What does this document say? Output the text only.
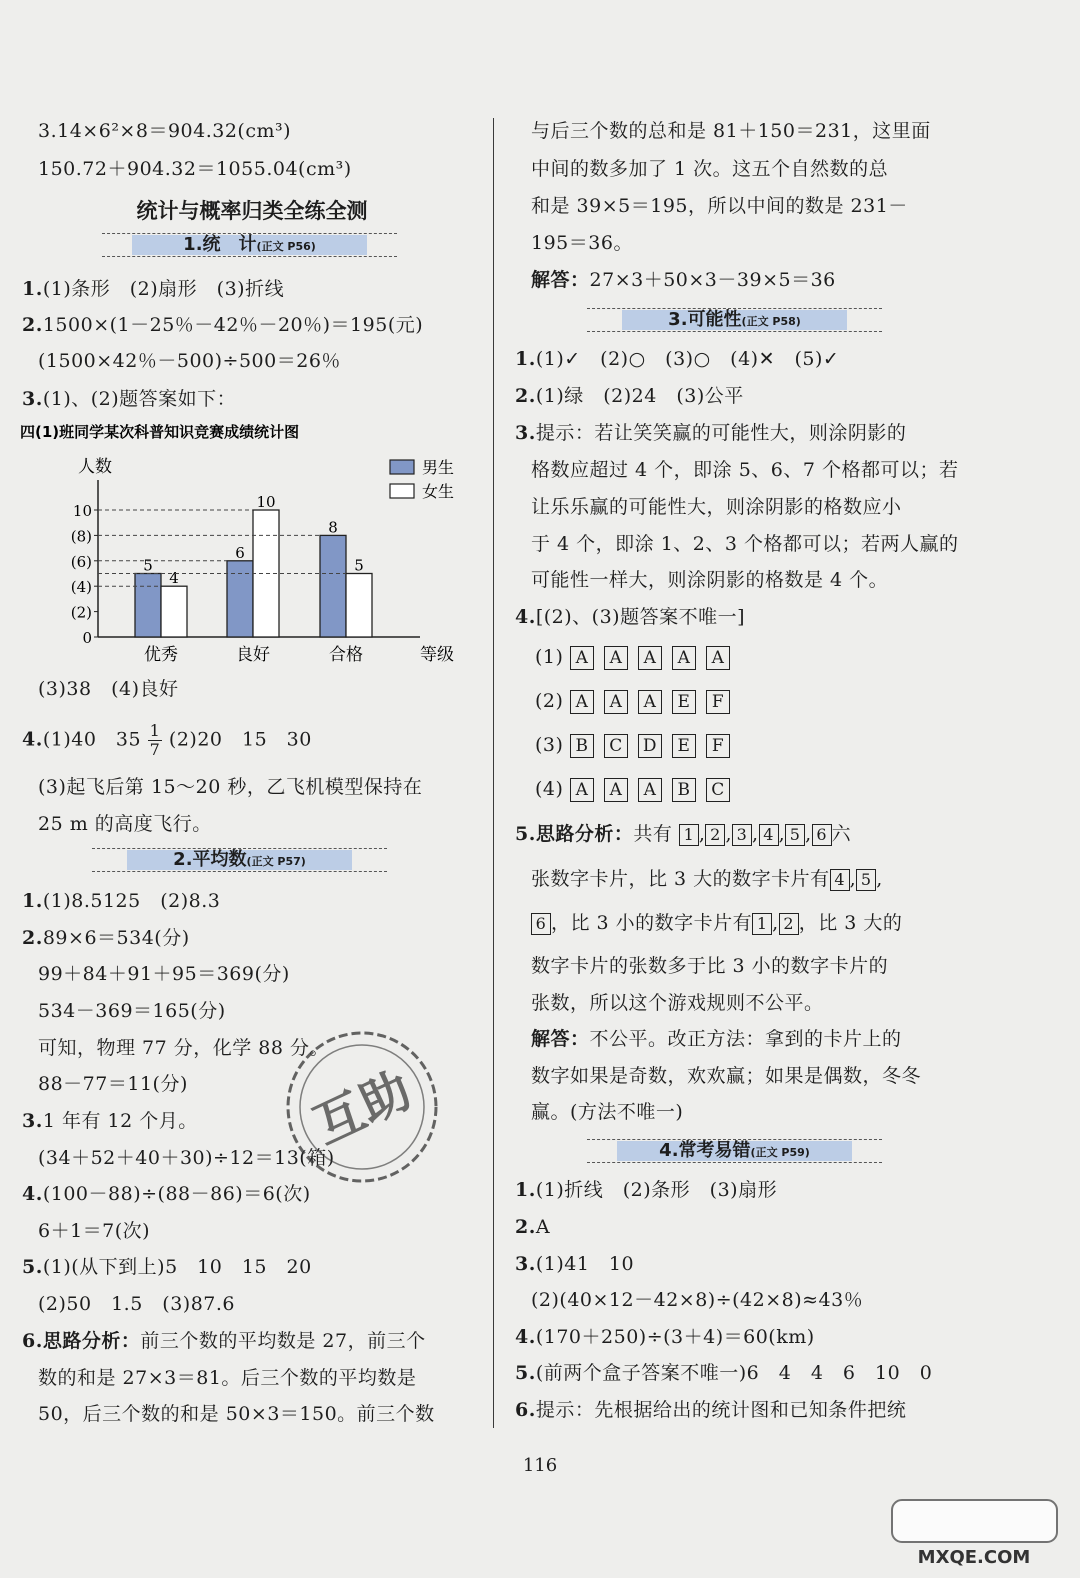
3.14×6²×8＝904.32(cm³)
150.72＋904.32＝1055.04(cm³)
统计与概率归类全练全测
1.统　计(正文 P56)
1.(1)条形　(2)扇形　(3)折线
2.1500×(1－25％－42％－20％)＝195(元)
(1500×42％－500)÷500＝26％
3.(1)、(2)题答案如下：
四(1)班同学某次科普知识竞赛成绩统计图
人数
等级
0
(2)
(4)
(6)
(8)
10
优秀
5
4
良好
6
10
合格
8
5
男生
女生
(3)38　(4)良好
4.(1)40　$35 \frac{1}{7} (2)20$　15　30
(3)起飞后第 15～20 秒，乙飞机模型保持在
25 m 的高度飞行。
2.平均数(正文 P57)
1.(1)8.5125　(2)8.3
2.89×6＝534(分)
99＋84＋91＋95＝369(分)
534－369＝165(分)
可知，物理 77 分，化学 88 分。
88－77＝11(分)
3.1 年有 12 个月。
(34＋52＋40＋30)÷12＝13(箱)
4.(100－88)÷(88－86)＝6(次)
6＋1＝7(次)
5.(1)(从下到上)5　10　15　20
(2)50　1.5　(3)87.6
6.思路分析：前三个数的平均数是 27，前三个
数的和是 27×3＝81。后三个数的平均数是
50，后三个数的和是 50×3＝150。前三个数
与后三个数的总和是 81＋150＝231，这里面
中间的数多加了 1 次。这五个自然数的总
和是 39×5＝195，所以中间的数是 231－
195＝36。
解答：27×3＋50×3－39×5＝36
3.可能性(正文 P58)
1.(1)✓　(2)○　(3)○　(4)✕　(5)✓
2.(1)绿　(2)24　(3)公平
3.提示：若让笑笑赢的可能性大，则涂阴影的
格数应超过 4 个，即涂 5、6、7 个格都可以；若
让乐乐赢的可能性大，则涂阴影的格数应小
于 4 个，即涂 1、2、3 个格都可以；若两人赢的
可能性一样大，则涂阴影的格数是 4 个。
4.[(2)、(3)题答案不唯一]
(1) A A A A A
(2) A A A E F
(3) B C D E F
(4) A A A B C
5.思路分析：共有 1 , 2 , 3 , 4 , 5 , 6 六
张数字卡片，比 3 大的数字卡片有 4 , 5 ,
6 ，比 3 小的数字卡片有 1 , 2 ，比 3 大的
数字卡片的张数多于比 3 小的数字卡片的
张数，所以这个游戏规则不公平。
解答：不公平。改正方法：拿到的卡片上的
数字如果是奇数，欢欢赢；如果是偶数，冬冬
赢。(方法不唯一)
4.常考易错(正文 P59)
1.(1)折线　(2)条形　(3)扇形
2.A
3.(1)41　10
(2)(40×12－42×8)÷(42×8)≈43％
4.(170＋250)÷(3＋4)＝60(km)
5.(前两个盒子答案不唯一)6　4　4　6　10　0
6.提示：先根据给出的统计图和已知条件把统
116
互助
MXQE.COM
